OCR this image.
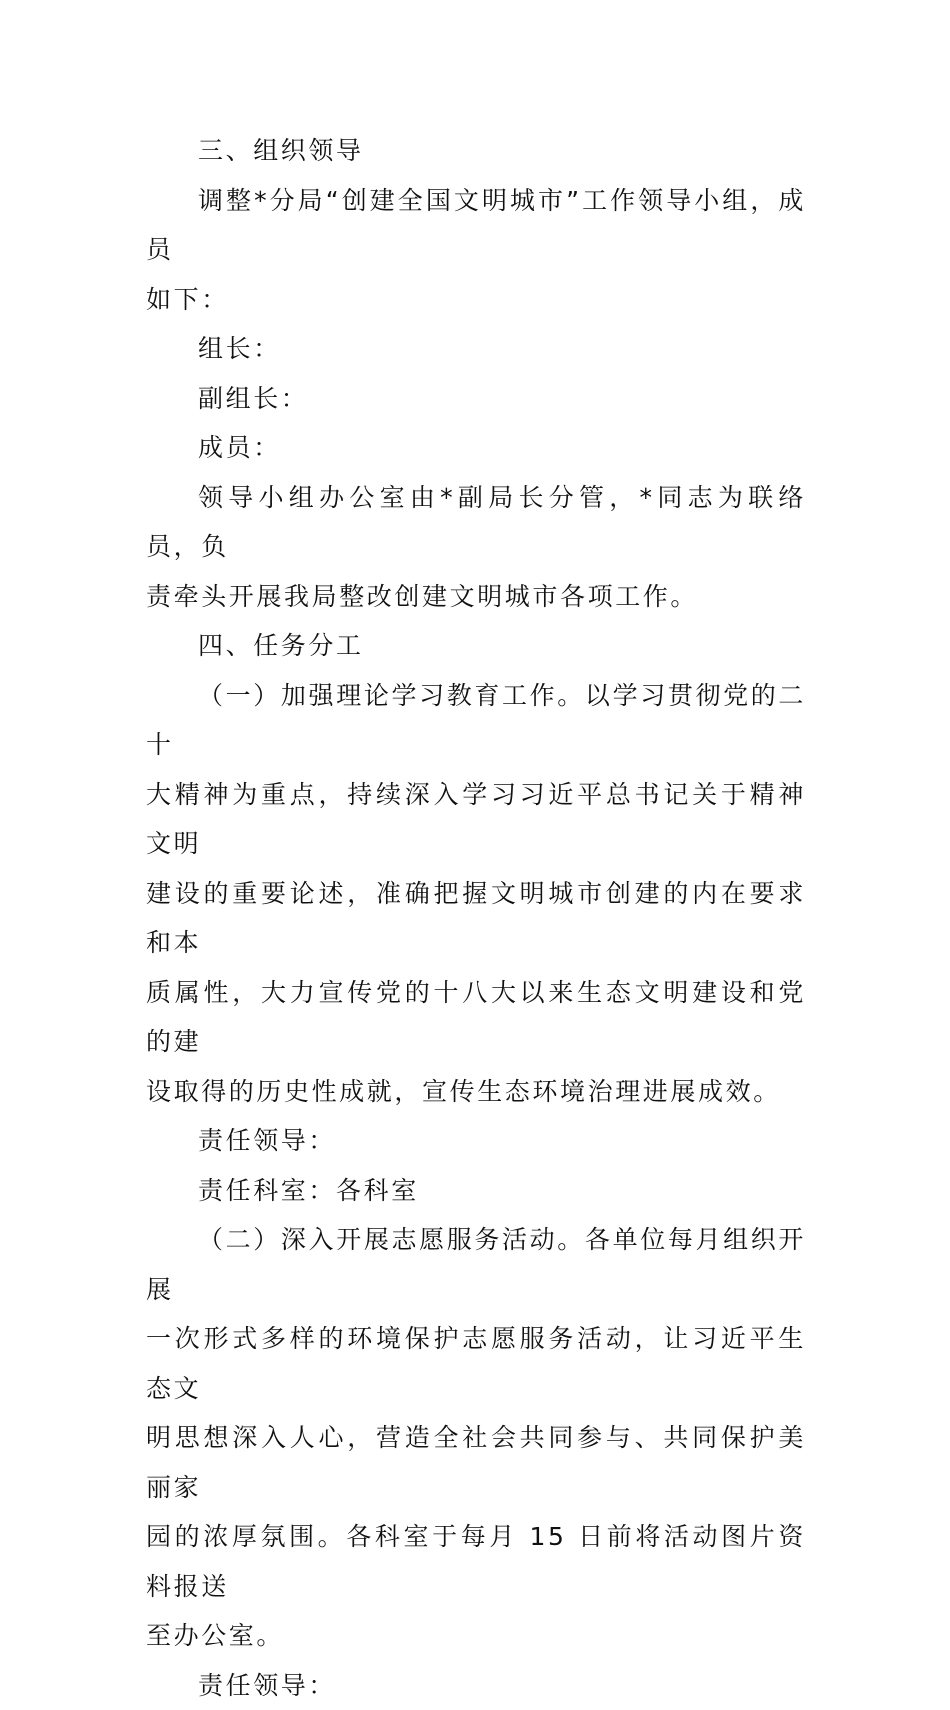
三、组织领导

调整*分局“创建全国文明城市”工作领导小组，成员
如下：

组长：

副组长：

成员：

领导小组办公室由*副局长分管，*同志为联络员，负
责牵头开展我局整改创建文明城市各项工作。

四、任务分工

（一）加强理论学习教育工作。以学习贯彻党的二十
大精神为重点，持续深入学习习近平总书记关于精神文明
建设的重要论述，准确把握文明城市创建的内在要求和本
质属性，大力宣传党的十八大以来生态文明建设和党的建
设取得的历史性成就，宣传生态环境治理进展成效。

责任领导：

责任科室：各科室

（二）深入开展志愿服务活动。各单位每月组织开展
一次形式多样的环境保护志愿服务活动，让习近平生态文
明思想深入人心，营造全社会共同参与、共同保护美丽家
园的浓厚氛围。各科室于每月 15 日前将活动图片资料报送
至办公室。

责任领导：
